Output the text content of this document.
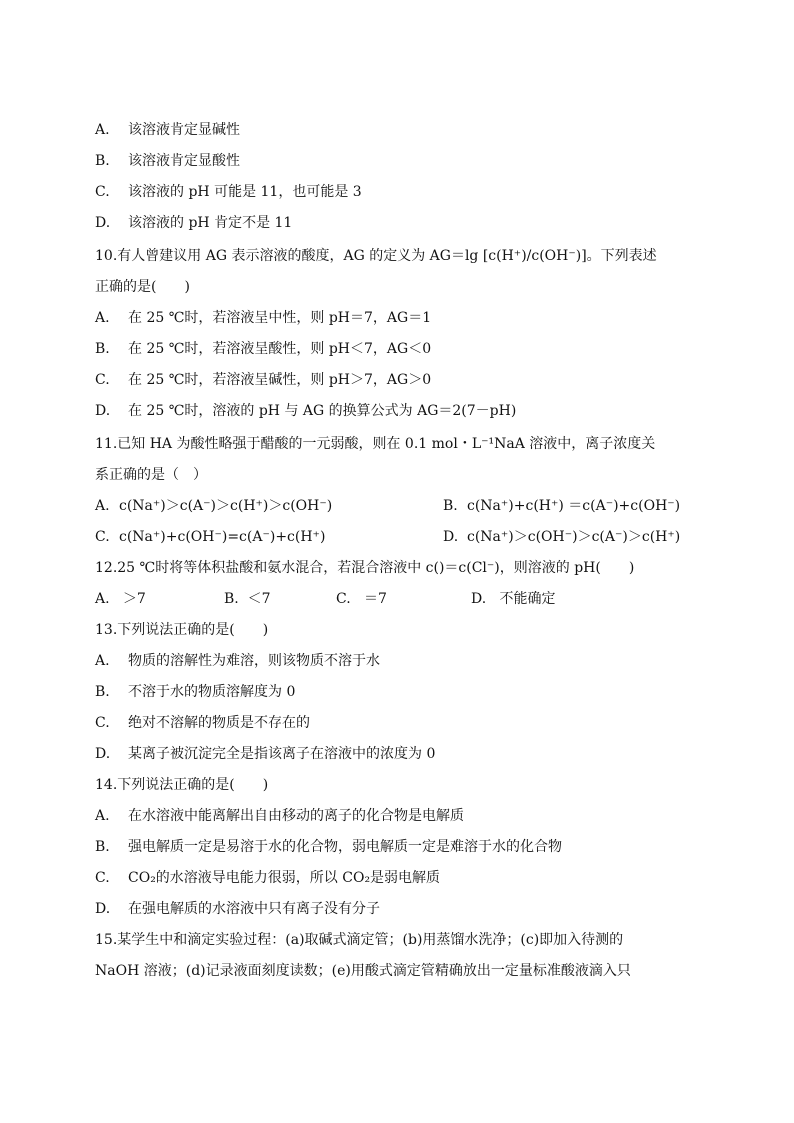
A. 该溶液肯定显碱性
B. 该溶液肯定显酸性
C. 该溶液的 pH 可能是 11，也可能是 3
D. 该溶液的 pH 肯定不是 11
10.有人曾建议用 AG 表示溶液的酸度，AG 的定义为 AG＝lg [c(H⁺)/c(OH⁻)]。下列表述
正确的是(　　)
A. 在 25 ℃时，若溶液呈中性，则 pH＝7，AG＝1
B. 在 25 ℃时，若溶液呈酸性，则 pH＜7，AG＜0
C. 在 25 ℃时，若溶液呈碱性，则 pH＞7，AG＞0
D. 在 25 ℃时，溶液的 pH 与 AG 的换算公式为 AG＝2(7－pH)
11.已知 HA 为酸性略强于醋酸的一元弱酸，则在 0.1 mol・L⁻¹NaA 溶液中，离子浓度关
系正确的是（　）
A. c(Na⁺)＞c(A⁻)＞c(H⁺)＞c(OH⁻)	B. c(Na⁺)+c(H⁺) ＝c(A⁻)+c(OH⁻)
C. c(Na⁺)+c(OH⁻)=c(A⁻)+c(H⁺)	D. c(Na⁺)＞c(OH⁻)＞c(A⁻)＞c(H⁺)
12.25 ℃时将等体积盐酸和氨水混合，若混合溶液中 c()＝c(Cl⁻)，则溶液的 pH(　　)
A. ＞7	B. ＜7	C. ＝7	D. 不能确定
13.下列说法正确的是(　　)
A. 物质的溶解性为难溶，则该物质不溶于水
B. 不溶于水的物质溶解度为 0
C. 绝对不溶解的物质是不存在的
D. 某离子被沉淀完全是指该离子在溶液中的浓度为 0
14.下列说法正确的是(　　)
A. 在水溶液中能离解出自由移动的离子的化合物是电解质
B. 强电解质一定是易溶于水的化合物，弱电解质一定是难溶于水的化合物
C. CO₂的水溶液导电能力很弱，所以 CO₂是弱电解质
D. 在强电解质的水溶液中只有离子没有分子
15.某学生中和滴定实验过程：(a)取碱式滴定管；(b)用蒸馏水洗净；(c)即加入待测的
NaOH 溶液；(d)记录液面刻度读数；(e)用酸式滴定管精确放出一定量标准酸液滴入只
